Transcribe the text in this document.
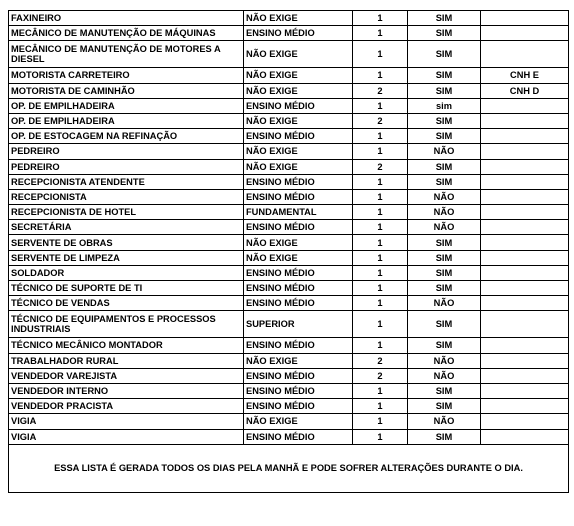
FAXINEIRO	NÃO EXIGE	1	SIM	
MECÂNICO DE MANUTENÇÃO DE MÁQUINAS	ENSINO MÉDIO	1	SIM	
MECÂNICO DE MANUTENÇÃO DE MOTORES A DIESEL	NÃO EXIGE	1	SIM	
MOTORISTA CARRETEIRO	NÃO EXIGE	1	SIM	CNH E
MOTORISTA DE CAMINHÃO	NÃO EXIGE	2	SIM	CNH D
OP. DE EMPILHADEIRA	ENSINO MÉDIO	1	sim	
OP. DE EMPILHADEIRA	NÃO EXIGE	2	SIM	
OP. DE ESTOCAGEM NA REFINAÇÃO	ENSINO MÉDIO	1	SIM	
PEDREIRO	NÃO EXIGE	1	NÃO	
PEDREIRO	NÃO EXIGE	2	SIM	
RECEPCIONISTA ATENDENTE	ENSINO MÉDIO	1	SIM	
RECEPCIONISTA	ENSINO MÉDIO	1	NÃO	
RECEPCIONISTA DE HOTEL	FUNDAMENTAL	1	NÃO	
SECRETÁRIA	ENSINO MÉDIO	1	NÃO	
SERVENTE DE OBRAS	NÃO EXIGE	1	SIM	
SERVENTE DE LIMPEZA	NÃO EXIGE	1	SIM	
SOLDADOR	ENSINO MÉDIO	1	SIM	
TÉCNICO DE SUPORTE DE TI	ENSINO MÉDIO	1	SIM	
TÉCNICO DE VENDAS	ENSINO MÉDIO	1	NÃO	
TÉCNICO DE EQUIPAMENTOS E PROCESSOS INDUSTRIAIS	SUPERIOR	1	SIM	
TÉCNICO MECÂNICO MONTADOR	ENSINO MÉDIO	1	SIM	
TRABALHADOR RURAL	NÃO EXIGE	2	NÃO	
VENDEDOR VAREJISTA	ENSINO MÉDIO	2	NÃO	
VENDEDOR INTERNO	ENSINO MÉDIO	1	SIM	
VENDEDOR PRACISTA	ENSINO MÉDIO	1	SIM	
VIGIA	NÃO EXIGE	1	NÃO	
VIGIA	ENSINO MÉDIO	1	SIM	
ESSA LISTA É GERADA TODOS OS DIAS PELA MANHÃ E PODE SOFRER ALTERAÇÕES DURANTE O DIA.
